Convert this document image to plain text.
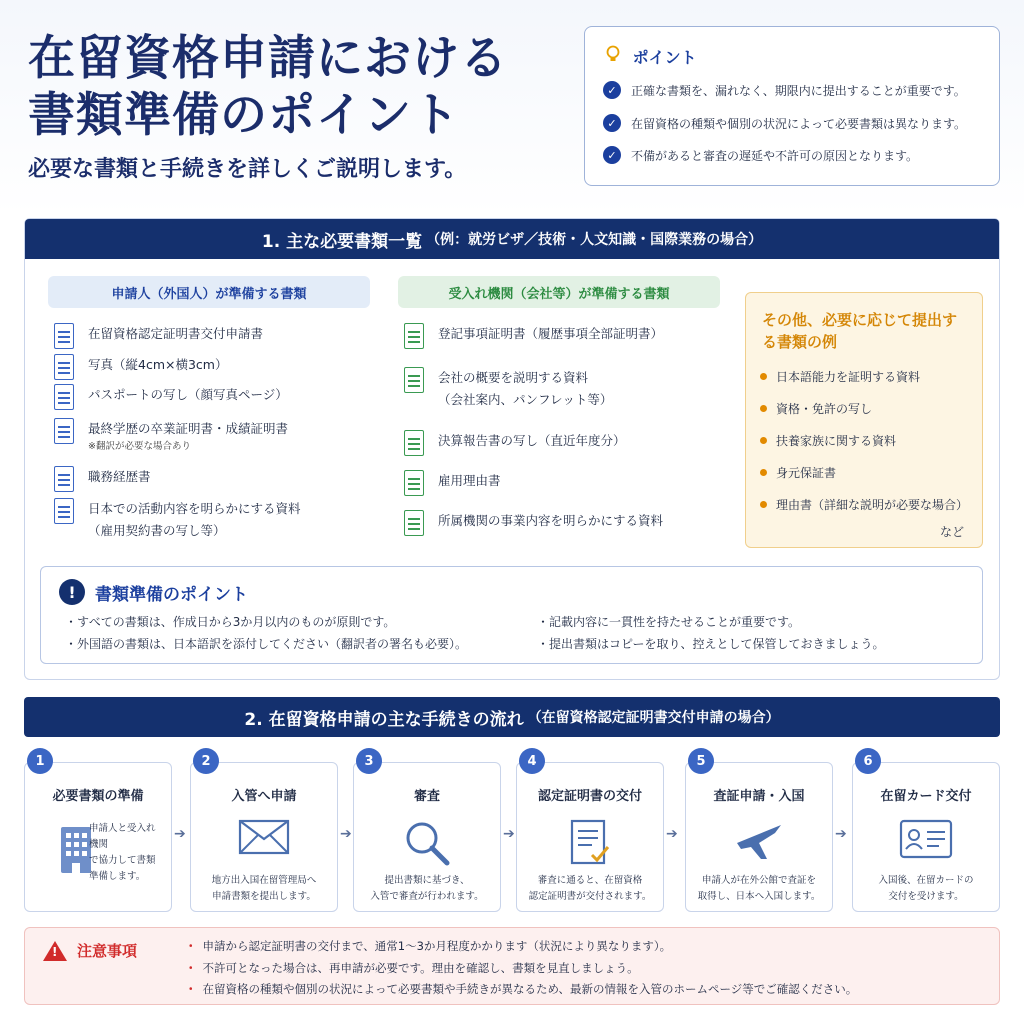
在留資格申請における
書類準備のポイント
必要な書類と手続きを詳しくご説明します。
ポイント
✓	正確な書類を、漏れなく、期限内に提出することが重要です。
✓	在留資格の種類や個別の状況によって必要書類は異なります。
✓	不備があると審査の遅延や不許可の原因となります。
1. 主な必要書類一覧 （例：就労ビザ／技術・人文知識・国際業務の場合）
申請人（外国人）が準備する書類	受入れ機関（会社等）が準備する書類
在留資格認定証明書交付申請書
写真（縦4cm×横3cm）
パスポートの写し（顔写真ページ）
最終学歴の卒業証明書・成績証明書
※翻訳が必要な場合あり
職務経歴書
日本での活動内容を明らかにする資料
（雇用契約書の写し等）
登記事項証明書（履歴事項全部証明書）
会社の概要を説明する資料
（会社案内、パンフレット等）
決算報告書の写し（直近年度分）
雇用理由書
所属機関の事業内容を明らかにする資料
その他、必要に応じて提出する書類の例
日本語能力を証明する資料
資格・免許の写し
扶養家族に関する資料
身元保証書
理由書（詳細な説明が必要な場合）
など
!	書類準備のポイント
・すべての書類は、作成日から3か月以内のものが原則です。
・外国語の書類は、日本語訳を添付してください（翻訳者の署名も必要）。
・記載内容に一貫性を持たせることが重要です。
・提出書類はコピーを取り、控えとして保管しておきましょう。
2. 在留資格申請の主な手続きの流れ （在留資格認定証明書交付申請の場合）
必要書類の準備
申請人と受入れ
機関
で協力して書類
準備します。
1
➔
入管へ申請
地方出入国在留管理局へ
申請書類を提出します。
2
➔
審査
提出書類に基づき、
入管で審査が行われます。
3
➔
認定証明書の交付
審査に通ると、在留資格
認定証明書が交付されます。
4
➔
査証申請・入国
申請人が在外公館で査証を
取得し、日本へ入国します。
5
➔
在留カード交付
入国後、在留カードの
交付を受けます。
6
! 注意事項	・ 申請から認定証明書の交付まで、通常1〜3か月程度かかります（状況により異なります）。
・ 不許可となった場合は、再申請が必要です。理由を確認し、書類を見直しましょう。
・ 在留資格の種類や個別の状況によって必要書類や手続きが異なるため、最新の情報を入管のホームページ等でご確認ください。
